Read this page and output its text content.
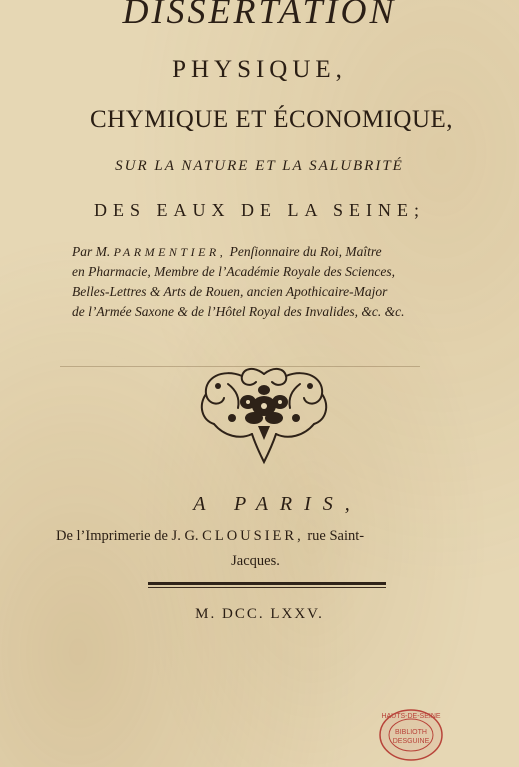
DISSERTATION
PHYSIQUE,
CHYMIQUE ET ÉCONOMIQUE,
SUR LA NATURE ET LA SALUBRITÉ
DES EAUX DE LA SEINE;
Par M. PARMENTIER, Penſionnaire du Roi, Maître
en Pharmacie, Membre de l’Académie Royale des Sciences,
Belles-Lettres & Arts de Rouen, ancien Apothicaire-Major
de l’Armée Saxone & de l’Hôtel Royal des Invalides, &c. &c.
A PARIS,
De l’Imprimerie de J. G. CLOUSIER, rue Saint-
Jacques.
M. DCC. LXXV.
HAUTS-DE-SEINE
BIBLIOTH
DESGUINE
